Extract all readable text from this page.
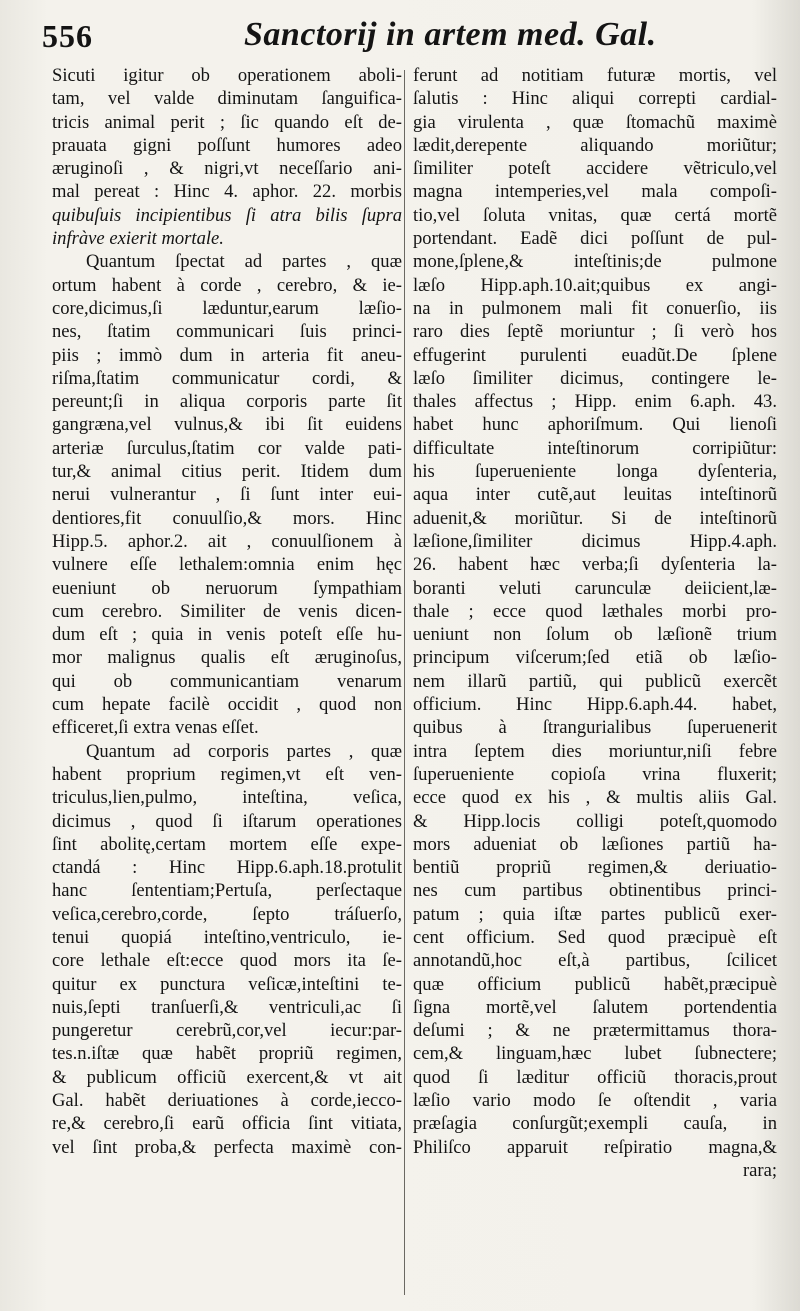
556	Sanctorij in artem med. Gal.
Sicuti igitur ob operationem aboli-
tam, vel valde diminutam ſanguifica-
tricis animal perit ; ſic quando eſt de-
prauata gigni poſſunt humores adeo
æruginoſi , & nigri,vt neceſſario ani-
mal pereat : Hinc 4. aphor. 22. morbis
quibuſuis incipientibus ſi atra bilis ſupra
infràve exierit mortale.
Quantum ſpectat ad partes , quæ
ortum habent à corde , cerebro, & ie-
core,dicimus,ſi læduntur,earum læſio-
nes, ſtatim communicari ſuis princi-
piis ; immò dum in arteria fit aneu-
riſma,ſtatim communicatur cordi, &
pereunt;ſi in aliqua corporis parte ſit
gangræna,vel vulnus,& ibi ſit euidens
arteriæ ſurculus,ſtatim cor valde pati-
tur,& animal citius perit. Itidem dum
nerui vulnerantur , ſi ſunt inter eui-
dentiores,fit conuulſio,& mors. Hinc
Hipp.5. aphor.2. ait , conuulſionem à
vulnere eſſe lethalem:omnia enim hęc
eueniunt ob neruorum ſympathiam
cum cerebro. Similiter de venis dicen-
dum eſt ; quia in venis poteſt eſſe hu-
mor malignus qualis eſt æruginoſus,
qui ob communicantiam venarum
cum hepate facilè occidit , quod non
efficeret,ſi extra venas eſſet.
Quantum ad corporis partes , quæ
habent proprium regimen,vt eſt ven-
triculus,lien,pulmo, inteſtina, veſica,
dicimus , quod ſi iſtarum operationes
ſint abolitę,certam mortem eſſe expe-
ctandá : Hinc Hipp.6.aph.18.protulit
hanc ſententiam;Pertuſa, perſectaque
veſica,cerebro,corde, ſepto tráſuerſo,
tenui quopiá inteſtino,ventriculo, ie-
core lethale eſt:ecce quod mors ita ſe-
quitur ex punctura veſicæ,inteſtini te-
nuis,ſepti tranſuerſi,& ventriculi,ac ſi
pungeretur cerebrũ,cor,vel iecur:par-
tes.n.iſtæ quæ habẽt propriũ regimen,
& publicum officiũ exercent,& vt ait
Gal. habẽt deriuationes à corde,iecco-
re,& cerebro,ſi earũ officia ſint vitiata,
vel ſint proba,& perfecta maximè con-
ferunt ad notitiam futuræ mortis, vel
ſalutis : Hinc aliqui correpti cardial-
gia virulenta , quæ ſtomachũ maximè
lædit,derepente aliquando moriũtur;
ſimiliter poteſt accidere vẽtriculo,vel
magna intemperies,vel mala compoſi-
tio,vel ſoluta vnitas, quæ certá mortẽ
portendant. Eadẽ dici poſſunt de pul-
mone,ſplene,& inteſtinis;de pulmone
læſo Hipp.aph.10.ait;quibus ex angi-
na in pulmonem mali fit conuerſio, iis
raro dies ſeptẽ moriuntur ; ſi verò hos
effugerint purulenti euadũt.De ſplene
læſo ſimiliter dicimus, contingere le-
thales affectus ; Hipp. enim 6.aph. 43.
habet hunc aphoriſmum. Qui lienoſi
difficultate inteſtinorum corripiũtur:
his ſuperueniente longa dyſenteria,
aqua inter cutẽ,aut leuitas inteſtinorũ
aduenit,& moriũtur. Si de inteſtinorũ
læſione,ſimiliter dicimus Hipp.4.aph.
26. habent hæc verba;ſi dyſenteria la-
boranti veluti carunculæ deiicient,læ-
thale ; ecce quod læthales morbi pro-
ueniunt non ſolum ob læſionẽ trium
principum viſcerum;ſed etiã ob læſio-
nem illarũ partiũ, qui publicũ exercẽt
officium. Hinc Hipp.6.aph.44. habet,
quibus à ſtrangurialibus ſuperuenerit
intra ſeptem dies moriuntur,niſi febre
ſuperueniente copioſa vrina fluxerit;
ecce quod ex his , & multis aliis Gal.
& Hipp.locis colligi poteſt,quomodo
mors adueniat ob læſiones partiũ ha-
bentiũ propriũ regimen,& deriuatio-
nes cum partibus obtinentibus princi-
patum ; quia iſtæ partes publicũ exer-
cent officium. Sed quod præcipuè eſt
annotandũ,hoc eſt,à partibus, ſcilicet
quæ officium publicũ habẽt,præcipuè
ſigna mortẽ,vel ſalutem portendentia
deſumi ; & ne prætermittamus thora-
cem,& linguam,hæc lubet ſubnectere;
quod ſi læditur officiũ thoracis,prout
læſio vario modo ſe oſtendit , varia
præſagia conſurgũt;exempli cauſa, in
Philiſco apparuit reſpiratio magna,&
rara;
